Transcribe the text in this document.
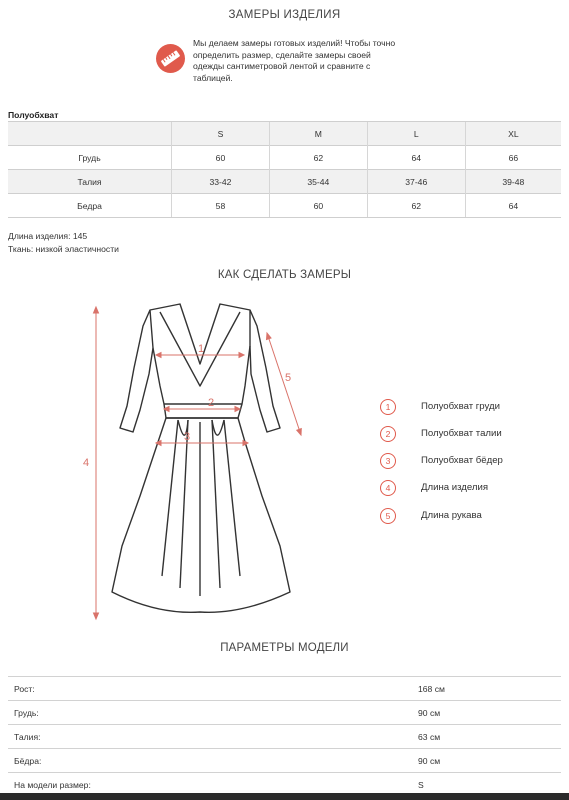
ЗАМЕРЫ ИЗДЕЛИЯ
Мы делаем замеры готовых изделий! Чтобы точно
определить размер, сделайте замеры своей
одежды сантиметровой лентой и сравните с
таблицей.
Полуобхват
	S	M	L	XL
Грудь	60	62	64	66
Талия	33-42	35-44	37-46	39-48
Бедра	58	60	62	64
Длина изделия: 145
Ткань: низкой эластичности
КАК СДЕЛАТЬ ЗАМЕРЫ
1
2
3
4
5
1	Полуобхват груди
2	Полуобхват талии
3	Полуобхват бёдер
4	Длина изделия
5	Длина рукава
ПАРАМЕТРЫ МОДЕЛИ
Рост:	168 см
Грудь:	90 см
Талия:	63 см
Бёдра:	90 см
На модели размер:	S
